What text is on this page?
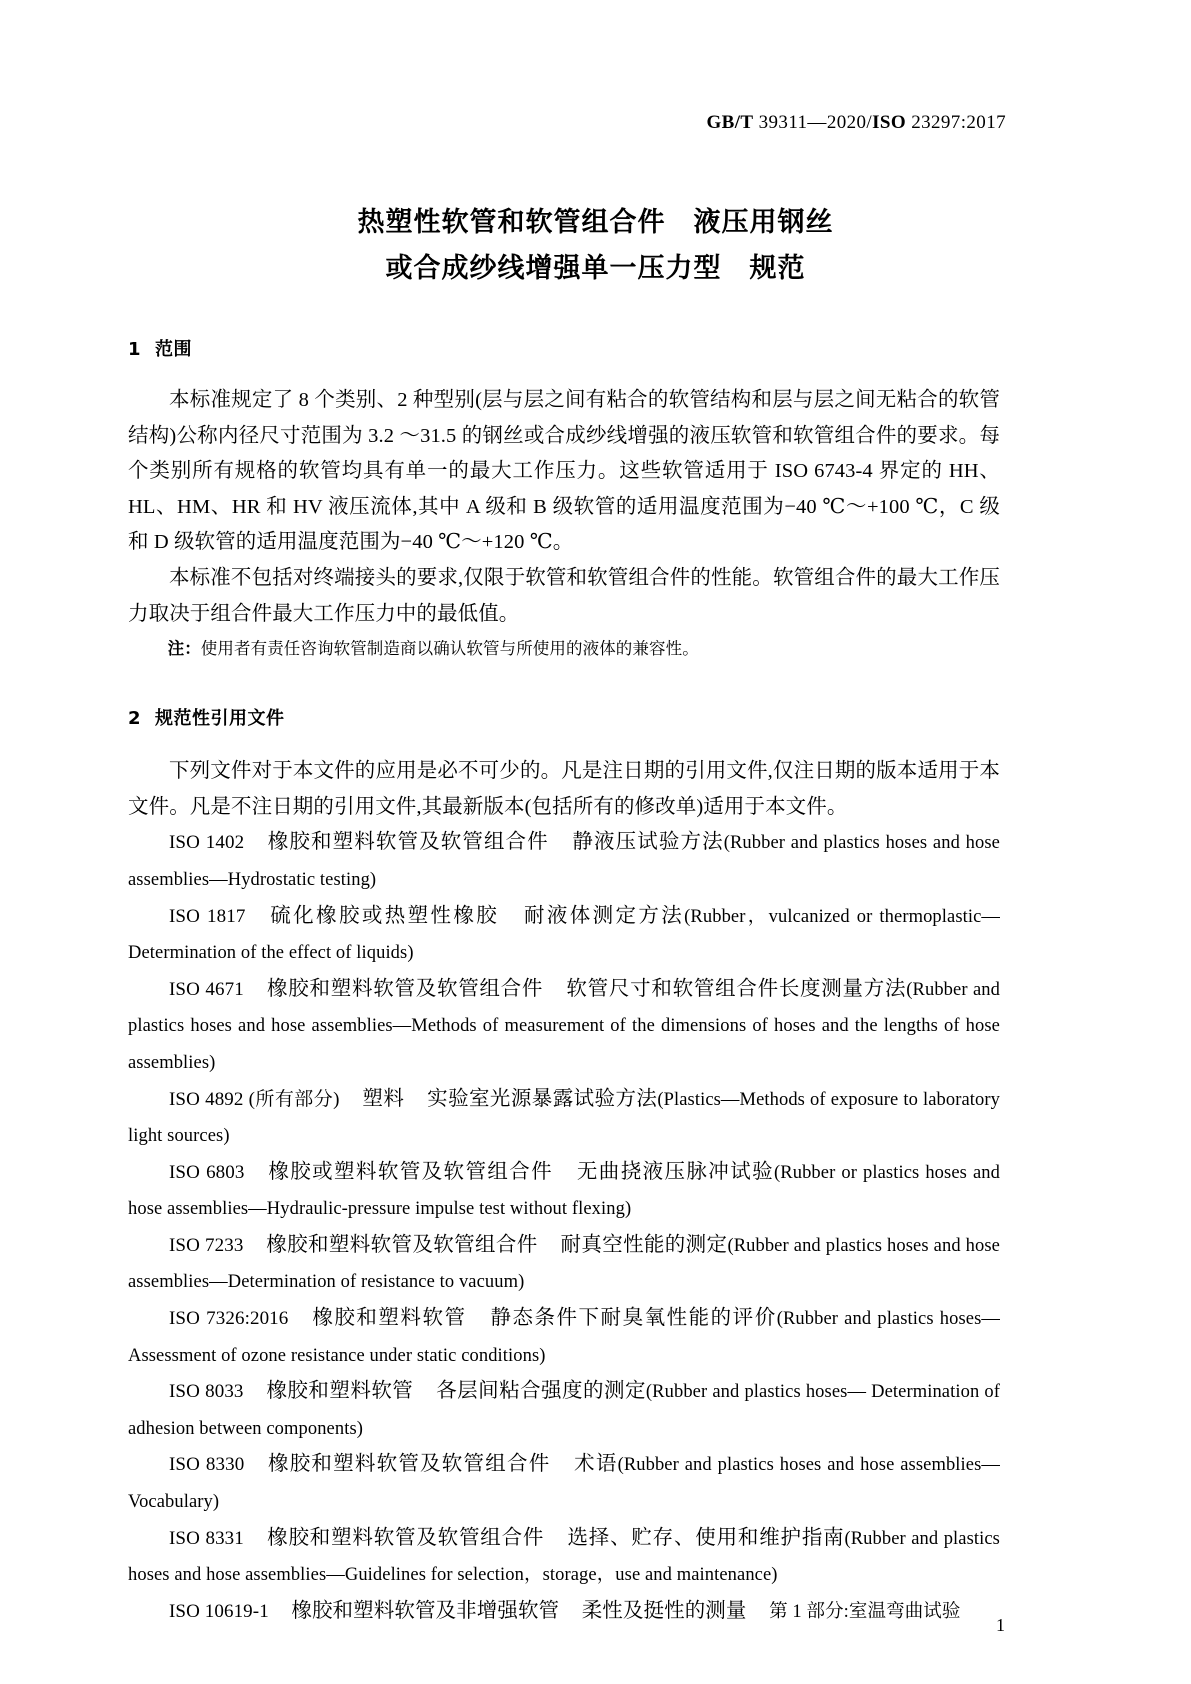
GB/T 39311—2020/ISO 23297:2017
热塑性软管和软管组合件　液压用钢丝
或合成纱线增强单一压力型　规范
1 范围

本标准规定了 8 个类别、2 种型别(层与层之间有粘合的软管结构和层与层之间无粘合的软管结构)公称内径尺寸范围为 3.2 ～31.5 的钢丝或合成纱线增强的液压软管和软管组合件的要求。每个类别所有规格的软管均具有单一的最大工作压力。这些软管适用于 ISO 6743-4 界定的 HH、HL、HM、HR 和 HV 液压流体,其中 A 级和 B 级软管的适用温度范围为−40 ℃～+100 ℃，C 级和 D 级软管的适用温度范围为−40 ℃～+120 ℃。

本标准不包括对终端接头的要求,仅限于软管和软管组合件的性能。软管组合件的最大工作压力取决于组合件最大工作压力中的最低值。

注：使用者有责任咨询软管制造商以确认软管与所使用的液体的兼容性。

2 规范性引用文件

下列文件对于本文件的应用是必不可少的。凡是注日期的引用文件,仅注日期的版本适用于本文件。凡是不注日期的引用文件,其最新版本(包括所有的修改单)适用于本文件。

ISO 1402 橡胶和塑料软管及软管组合件 静液压试验方法(Rubber and plastics hoses and hose assemblies—Hydrostatic testing)

ISO 1817 硫化橡胶或热塑性橡胶 耐液体测定方法(Rubber，vulcanized or thermoplastic— Determination of the effect of liquids)

ISO 4671 橡胶和塑料软管及软管组合件 软管尺寸和软管组合件长度测量方法(Rubber and plastics hoses and hose assemblies—Methods of measurement of the dimensions of hoses and the lengths of hose assemblies)

ISO 4892 (所有部分) 塑料 实验室光源暴露试验方法(Plastics—Methods of exposure to laboratory light sources)

ISO 6803 橡胶或塑料软管及软管组合件 无曲挠液压脉冲试验(Rubber or plastics hoses and hose assemblies—Hydraulic-pressure impulse test without flexing)

ISO 7233 橡胶和塑料软管及软管组合件 耐真空性能的测定(Rubber and plastics hoses and hose assemblies—Determination of resistance to vacuum)

ISO 7326:2016 橡胶和塑料软管 静态条件下耐臭氧性能的评价(Rubber and plastics hoses—Assessment of ozone resistance under static conditions)

ISO 8033 橡胶和塑料软管 各层间粘合强度的测定(Rubber and plastics hoses— Determination of adhesion between components)

ISO 8330 橡胶和塑料软管及软管组合件 术语(Rubber and plastics hoses and hose assemblies—Vocabulary)

ISO 8331 橡胶和塑料软管及软管组合件 选择、贮存、使用和维护指南(Rubber and plastics hoses and hose assemblies—Guidelines for selection，storage，use and maintenance)

ISO 10619-1 橡胶和塑料软管及非增强软管 柔性及挺性的测量 第 1 部分:室温弯曲试验

1
